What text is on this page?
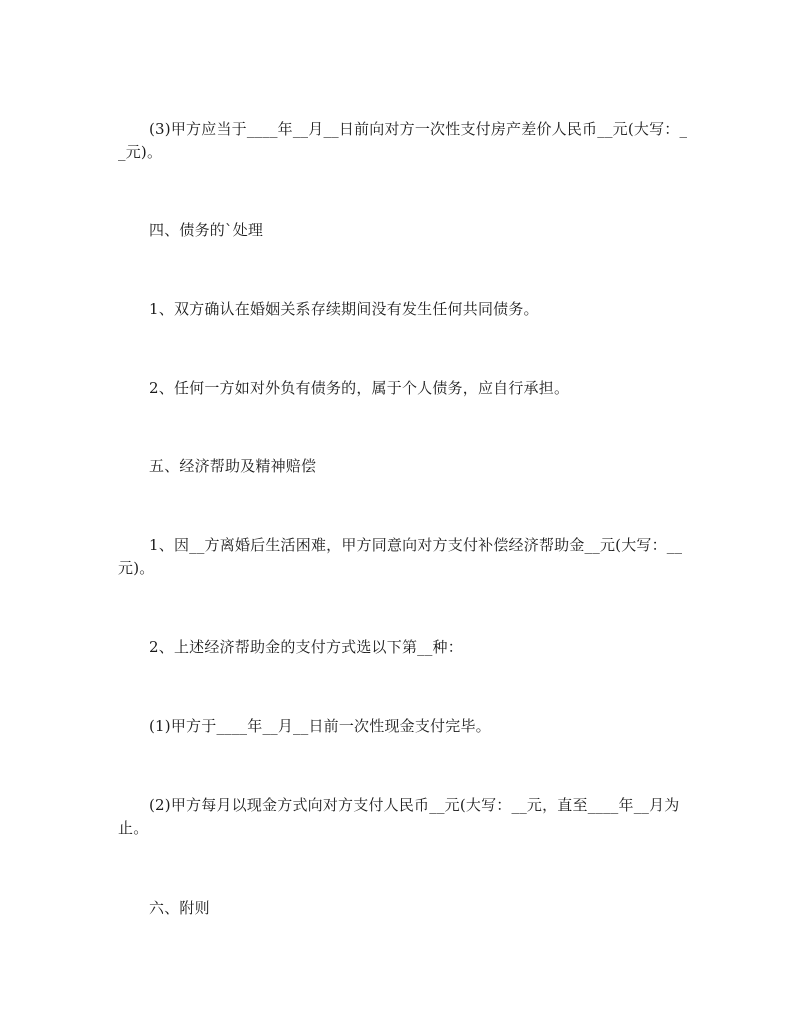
(3)甲方应当于____年__月__日前向对方一次性支付房产差价人民币__元(大写：__元)。

四、债务的`处理

1、双方确认在婚姻关系存续期间没有发生任何共同债务。

2、任何一方如对外负有债务的，属于个人债务，应自行承担。

五、经济帮助及精神赔偿

1、因__方离婚后生活困难，甲方同意向对方支付补偿经济帮助金__元(大写：__元)。

2、上述经济帮助金的支付方式选以下第__种：

(1)甲方于____年__月__日前一次性现金支付完毕。

(2)甲方每月以现金方式向对方支付人民币__元(大写：__元，直至____年__月为止。

六、附则
